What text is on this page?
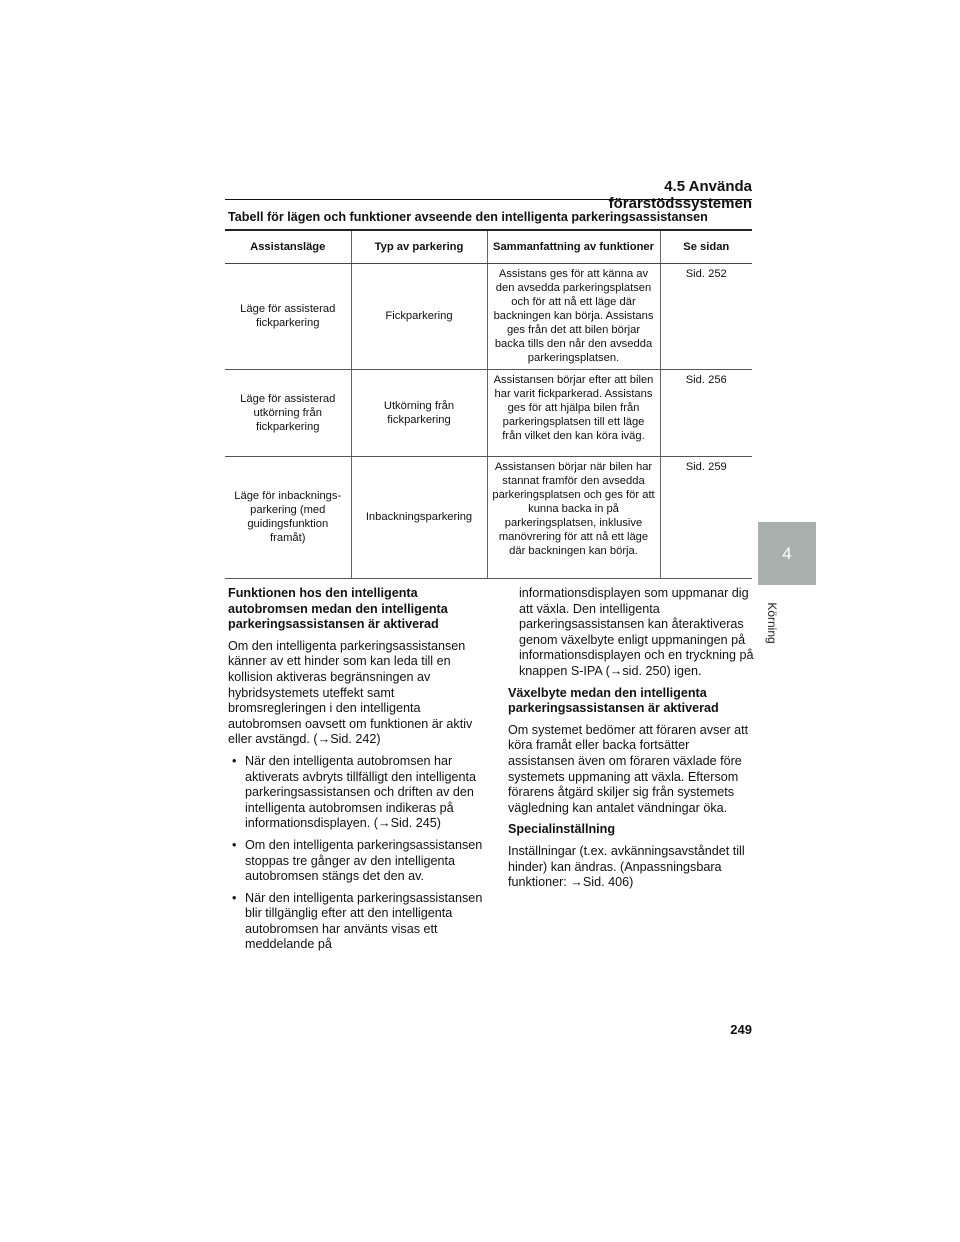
4.5 Använda förarstödssystemen
Tabell för lägen och funktioner avseende den intelligenta parkeringsassistansen
Assistansläge	Typ av parkering	Sammanfattning av funktioner	Se sidan
Läge för assisterad fickparkering	Fickparkering	Assistans ges för att känna av den avsedda parkeringsplatsen och för att nå ett läge där backningen kan börja. Assistans ges från det att bilen börjar backa tills den når den avsedda parkeringsplatsen.	Sid. 252
Läge för assisterad utkörning från fickparkering	Utkörning från fickparkering	Assistansen börjar efter att bilen har varit fickparkerad. Assistans ges för att hjälpa bilen från parkeringsplatsen till ett läge från vilket den kan köra iväg.	Sid. 256
Läge för inbacknings-parkering (med guidingsfunktion framåt)	Inbackningsparkering	Assistansen börjar när bilen har stannat framför den avsedda parkeringsplatsen och ges för att kunna backa in på parkeringsplatsen, inklusive manövrering för att nå ett läge där backningen kan börja.	Sid. 259
4
Körning
Funktionen hos den intelligenta autobromsen medan den intelligenta parkeringsassistansen är aktiverad

Om den intelligenta parkeringsassistansen känner av ett hinder som kan leda till en kollision aktiveras begränsningen av hybridsystemets uteffekt samt bromsregleringen i den intelligenta autobromsen oavsett om funktionen är aktiv eller avstängd. (→Sid. 242)

• När den intelligenta autobromsen har aktiverats avbryts tillfälligt den intelligenta parkeringsassistansen och driften av den intelligenta autobromsen indikeras på informationsdisplayen. (→Sid. 245)
• Om den intelligenta parkeringsassistansen stoppas tre gånger av den intelligenta autobromsen stängs det den av.
• När den intelligenta parkeringsassistansen blir tillgänglig efter att den intelligenta autobromsen har använts visas ett meddelande på

informationsdisplayen som uppmanar dig att växla. Den intelligenta parkeringsassistansen kan återaktiveras genom växelbyte enligt uppmaningen på informationsdisplayen och en tryckning på knappen S-IPA (→sid. 250) igen.

Växelbyte medan den intelligenta parkeringsassistansen är aktiverad

Om systemet bedömer att föraren avser att köra framåt eller backa fortsätter assistansen även om föraren växlade före systemets uppmaning att växla. Eftersom förarens åtgärd skiljer sig från systemets vägledning kan antalet vändningar öka.

Specialinställning

Inställningar (t.ex. avkänningsavståndet till hinder) kan ändras. (Anpassningsbara funktioner: →Sid. 406)

249
